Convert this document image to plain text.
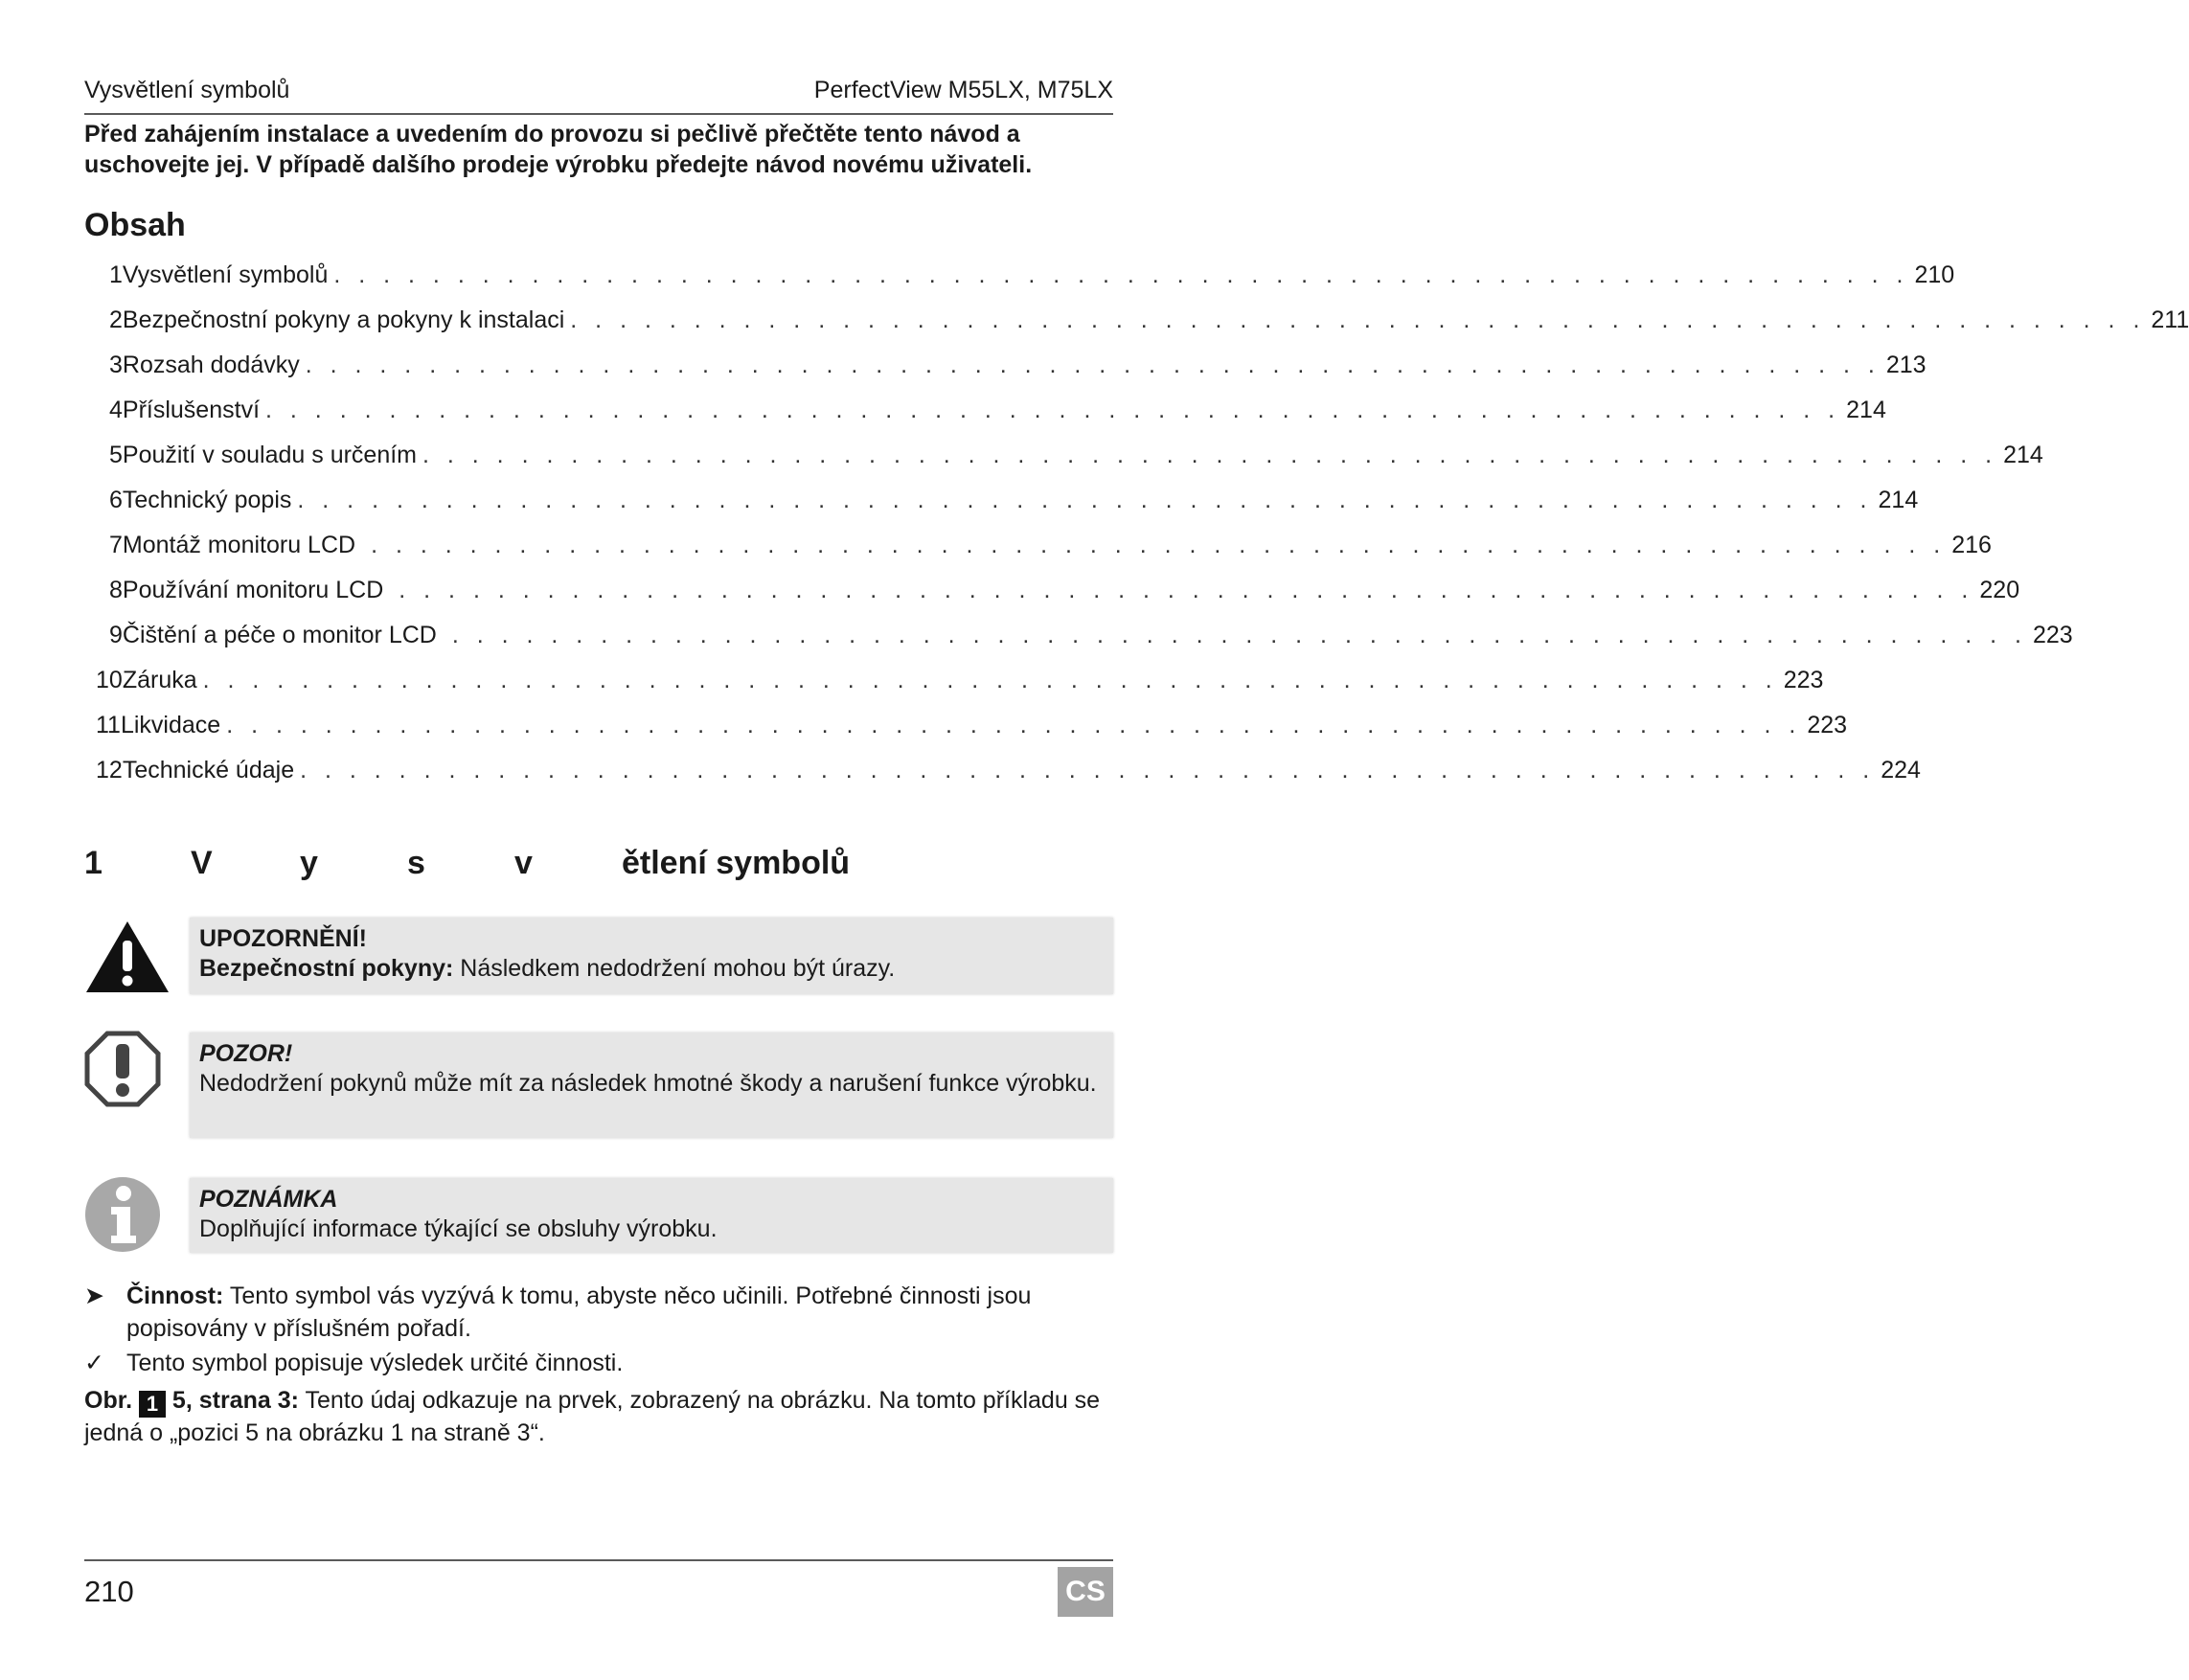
Vysvětlení symbolů	PerfectView M55LX, M75LX
Před zahájením instalace a uvedením do provozu si pečlivě přečtěte tento návod a uschovejte jej. V případě dalšího prodeje výrobku předejte návod novému uživateli.
Obsah
1 Vysvětlení symbolů . . . . . . . . . . . . . . . . . . . . . . . . . . . . . . . . . . . . . . . . . . . . . . . . . . . . . . . . . . . . . . . . 210
2 Bezpečnostní pokyny a pokyny k instalaci . . . . . . . . . . . . . . . . . . . . . . . . . . . . . . . . . . . . . . . . . . . . . . . . . . . . . . . . . . . . . . . . 211
3 Rozsah dodávky . . . . . . . . . . . . . . . . . . . . . . . . . . . . . . . . . . . . . . . . . . . . . . . . . . . . . . . . . . . . . . . . 213
4 Příslušenství . . . . . . . . . . . . . . . . . . . . . . . . . . . . . . . . . . . . . . . . . . . . . . . . . . . . . . . . . . . . . . . . 214
5 Použití v souladu s určením . . . . . . . . . . . . . . . . . . . . . . . . . . . . . . . . . . . . . . . . . . . . . . . . . . . . . . . . . . . . . . . . 214
6 Technický popis . . . . . . . . . . . . . . . . . . . . . . . . . . . . . . . . . . . . . . . . . . . . . . . . . . . . . . . . . . . . . . . . 214
7 Montáž monitoru LCD . . . . . . . . . . . . . . . . . . . . . . . . . . . . . . . . . . . . . . . . . . . . . . . . . . . . . . . . . . . . . . . . 216
8 Používání monitoru LCD . . . . . . . . . . . . . . . . . . . . . . . . . . . . . . . . . . . . . . . . . . . . . . . . . . . . . . . . . . . . . . . . 220
9 Čištění a péče o monitor LCD . . . . . . . . . . . . . . . . . . . . . . . . . . . . . . . . . . . . . . . . . . . . . . . . . . . . . . . . . . . . . . . . 223
10 Záruka . . . . . . . . . . . . . . . . . . . . . . . . . . . . . . . . . . . . . . . . . . . . . . . . . . . . . . . . . . . . . . . . 223
11 Likvidace . . . . . . . . . . . . . . . . . . . . . . . . . . . . . . . . . . . . . . . . . . . . . . . . . . . . . . . . . . . . . . . . 223
12 Technické údaje . . . . . . . . . . . . . . . . . . . . . . . . . . . . . . . . . . . . . . . . . . . . . . . . . . . . . . . . . . . . . . . . 224
1	V	y	s	v	ětlení symbolů
UPOZORNĚNÍ!
Bezpečnostní pokyny: Následkem nedodržení mohou být úrazy.
POZOR!
Nedodržení pokynů může mít za následek hmotné škody a narušení funkce výrobku.
POZNÁMKA
Doplňující informace týkající se obsluhy výrobku.
➤ Činnost: Tento symbol vás vyzývá k tomu, abyste něco učinili. Potřebné činnosti jsou popisovány v příslušném pořadí.
✓ Tento symbol popisuje výsledek určité činnosti.
Obr. 1 5, strana 3: Tento údaj odkazuje na prvek, zobrazený na obrázku. Na tomto příkladu se jedná o „pozici 5 na obrázku 1 na straně 3“.
210	CS
